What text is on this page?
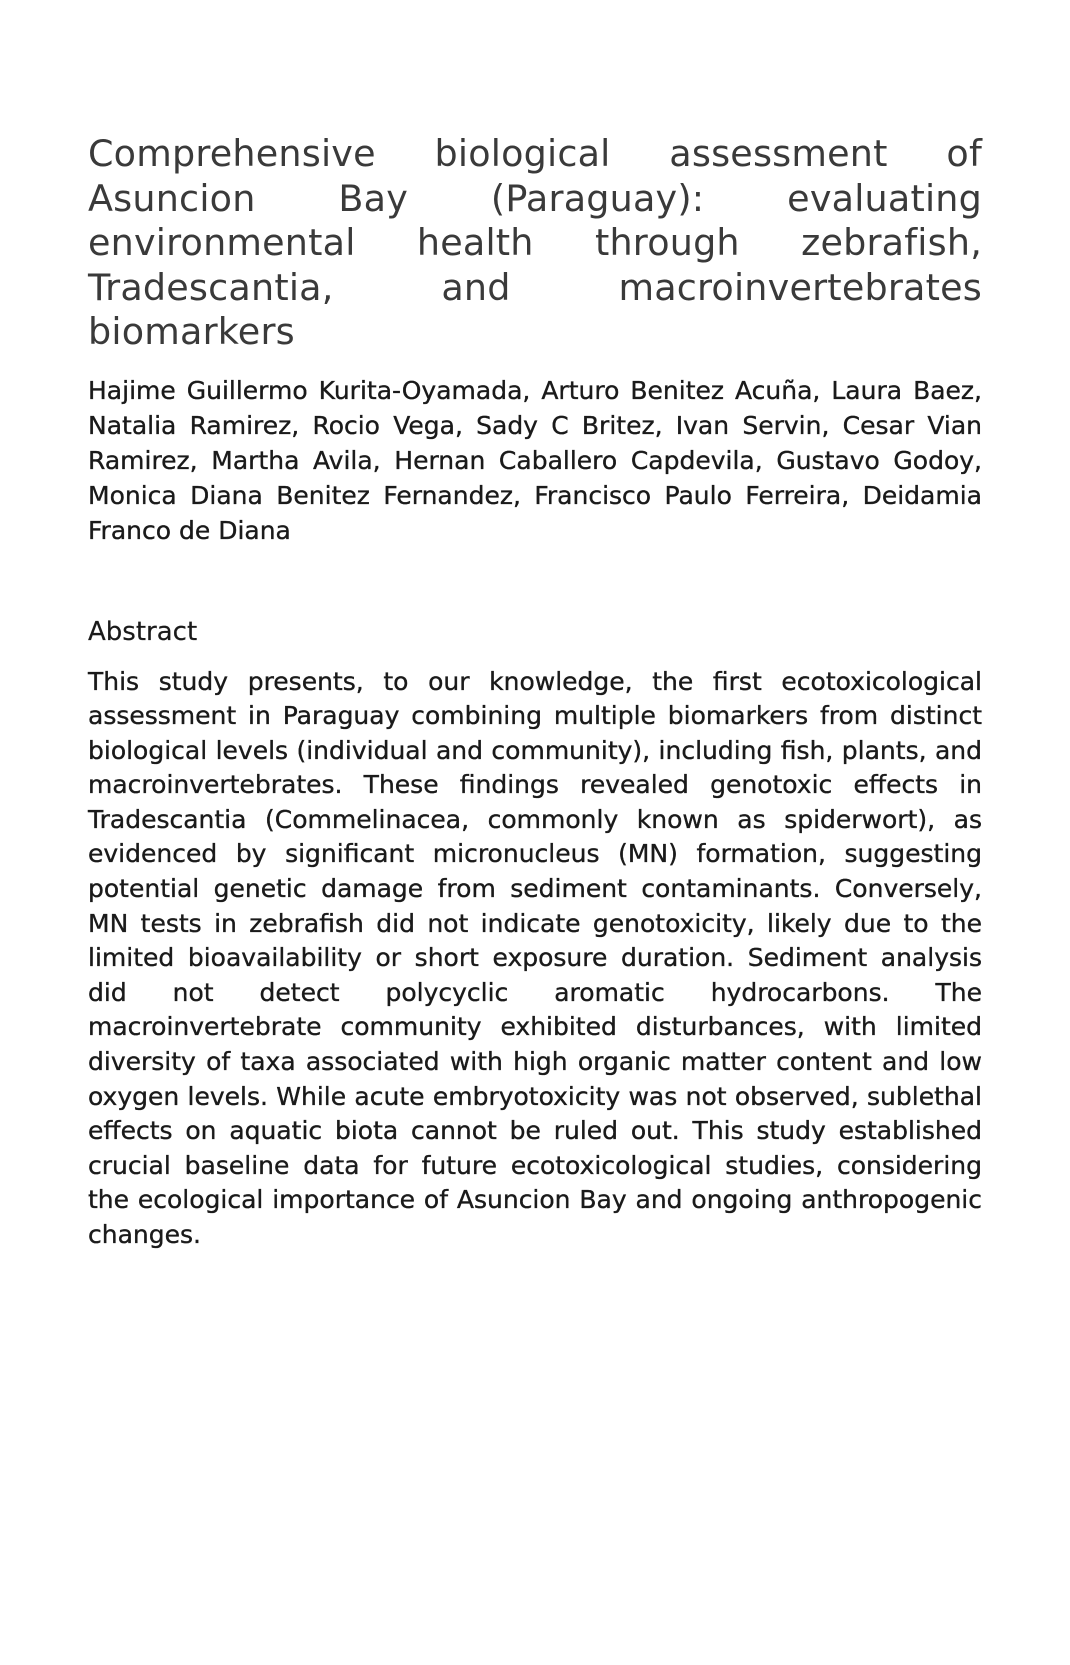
Comprehensive biological assessment of Asuncion Bay (Paraguay): evaluating environmental health through zebrafish, Tradescantia, and macroinvertebrates biomarkers

Hajime Guillermo Kurita-Oyamada, Arturo Benitez Acuña, Laura Baez, Natalia Ramirez, Rocio Vega, Sady C Britez, Ivan Servin, Cesar Vian Ramirez, Martha Avila, Hernan Caballero Capdevila, Gustavo Godoy, Monica Diana Benitez Fernandez, Francisco Paulo Ferreira, Deidamia Franco de Diana

Abstract

This study presents, to our knowledge, the first ecotoxicological assessment in Paraguay combining multiple biomarkers from distinct biological levels (individual and community), including fish, plants, and macroinvertebrates. These findings revealed genotoxic effects in Tradescantia (Commelinacea, commonly known as spiderwort), as evidenced by significant micronucleus (MN) formation, suggesting potential genetic damage from sediment contaminants. Conversely, MN tests in zebrafish did not indicate genotoxicity, likely due to the limited bioavailability or short exposure duration. Sediment analysis did not detect polycyclic aromatic hydrocarbons. The macroinvertebrate community exhibited disturbances, with limited diversity of taxa associated with high organic matter content and low oxygen levels. While acute embryotoxicity was not observed, sublethal effects on aquatic biota cannot be ruled out. This study established crucial baseline data for future ecotoxicological studies, considering the ecological importance of Asuncion Bay and ongoing anthropogenic changes.
